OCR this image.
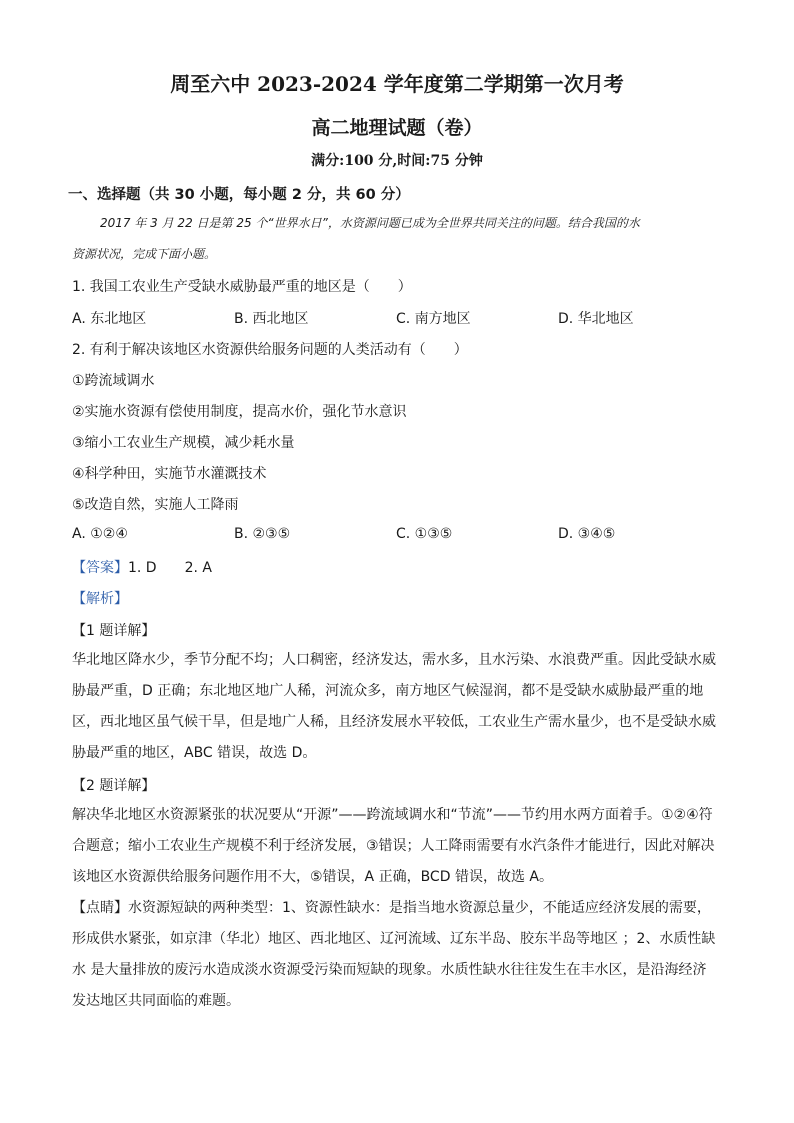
周至六中 2023-2024 学年度第二学期第一次月考
高二地理试题（卷）
满分:100 分,时间:75 分钟
一、选择题（共 30 小题，每小题 2 分，共 60 分）
2017 年 3 月 22 日是第 25 个“世界水日”，水资源问题已成为全世界共同关注的问题。结合我国的水
资源状况，完成下面小题。
1. 我国工农业生产受缺水威胁最严重的地区是（　　）
A. 东北地区	B. 西北地区	C. 南方地区	D. 华北地区
2. 有利于解决该地区水资源供给服务问题的人类活动有（　　）
①跨流域调水
②实施水资源有偿使用制度，提高水价，强化节水意识
③缩小工农业生产规模，减少耗水量
④科学种田，实施节水灌溉技术
⑤改造自然，实施人工降雨
A. ①②④	B. ②③⑤	C. ①③⑤	D. ③④⑤
【答案】1. D　　2. A
【解析】
【1 题详解】

华北地区降水少，季节分配不均；人口稠密，经济发达，需水多，且水污染、水浪费严重。因此受缺水威

胁最严重，D 正确；东北地区地广人稀，河流众多，南方地区气候湿润，都不是受缺水威胁最严重的地

区，西北地区虽气候干旱，但是地广人稀，且经济发展水平较低，工农业生产需水量少，也不是受缺水威

胁最严重的地区，ABC 错误，故选 D。

【2 题详解】

解决华北地区水资源紧张的状况要从“开源”——跨流域调水和“节流”——节约用水两方面着手。①②④符

合题意；缩小工农业生产规模不利于经济发展，③错误；人工降雨需要有水汽条件才能进行，因此对解决

该地区水资源供给服务问题作用不大，⑤错误，A 正确，BCD 错误，故选 A。

【点睛】水资源短缺的两种类型：1、资源性缺水：是指当地水资源总量少，不能适应经济发展的需要，

形成供水紧张，如京津（华北）地区、西北地区、辽河流域、辽东半岛、胶东半岛等地区 ；2、水质性缺

水 是大量排放的废污水造成淡水资源受污染而短缺的现象。水质性缺水往往发生在丰水区，是沿海经济

发达地区共同面临的难题。
